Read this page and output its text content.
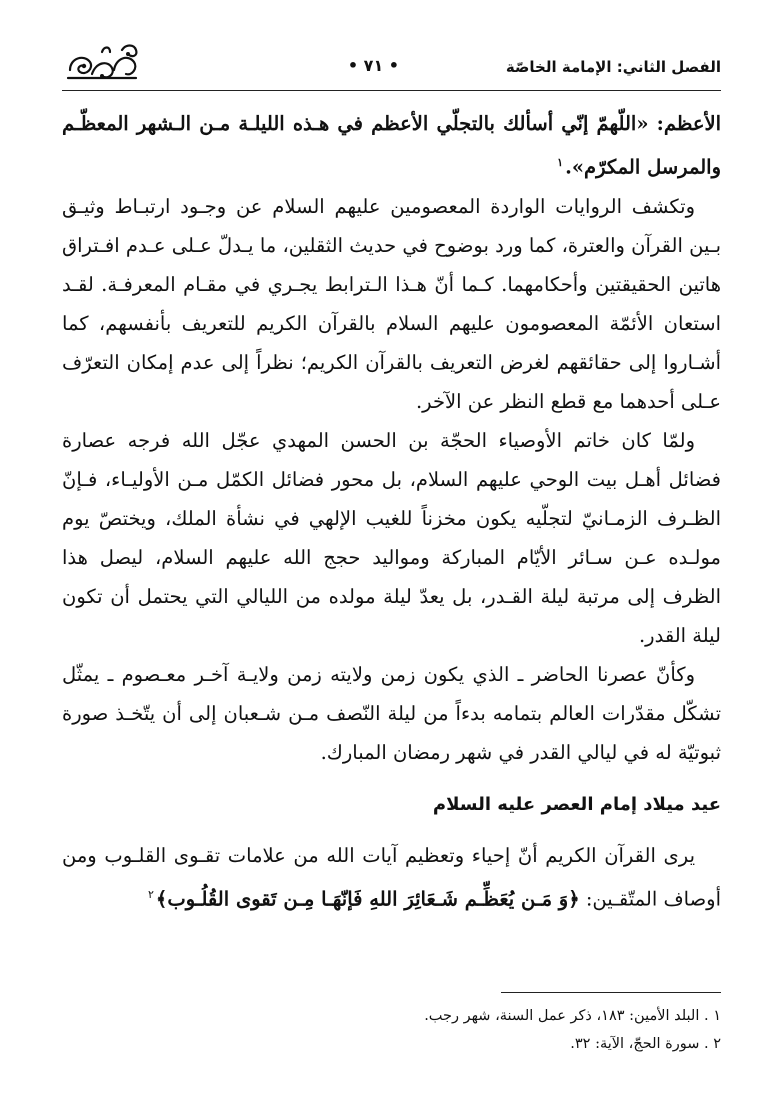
الفصل الثاني: الإمامة الخاصّة
• ٧١ •

الأعظم: «اللّهمّ إنّي أسألك بالتجلّي الأعظم في هـذه الليلـة مـن الـشهر المعظّـم والمرسل المكرّم».$^١$

وتكشف الروايات الواردة المعصومين عليهم السلام عن وجـود ارتبـاط وثيـق بـين القرآن والعترة، كما ورد بوضوح في حديث الثقلين، ما يـدلّ عـلى عـدم افـتراق هاتين الحقيقتين وأحكامهما. كـما أنّ هـذا الـترابط يجـري في مقـام المعرفـة. لقـد استعان الأئمّة المعصومون عليهم السلام بالقرآن الكريم للتعريف بأنفسهم، كما أشـاروا إلى حقائقهم لغرض التعريف بالقرآن الكريم؛ نظراً إلى عدم إمكان التعرّف عـلى أحدهما مع قطع النظر عن الآخر.

ولمّا كان خاتم الأوصياء الحجّة بن الحسن المهدي عجّل الله فرجه عصارة فضائل أهـل بيت الوحي عليهم السلام، بل محور فضائل الكمّل مـن الأوليـاء، فـإنّ الظـرف الزمـانيّ لتجلّيه يكون مخزناً للغيب الإلهي في نشأة الملك، ويختصّ يوم مولـده عـن سـائر الأيّام المباركة ومواليد حجج الله عليهم السلام، ليصل هذا الظرف إلى مرتبة ليلة القـدر، بل يعدّ ليلة مولده من الليالي التي يحتمل أن تكون ليلة القدر.

وكأنّ عصرنا الحاضر ـ الذي يكون زمن ولايته زمن ولايـة آخـر معـصوم ـ يمثّل تشكّل مقدّرات العالم بتمامه بدءاً من ليلة النّصف مـن شـعبان إلى أن يتّخـذ صورة ثبوتيّة له في ليالي القدر في شهر رمضان المبارك.

عيد ميلاد إمام العصر عليه السلام

يرى القرآن الكريم أنّ إحياء وتعظيم آيات الله من علامات تقـوى القلـوب ومن أوصاف المتّقـين: ﴿وَ مَـن يُعَظِّـم شَـعَائِرَ اللهِ فَإنّهَـا مِـن تَقوى القُلُـوب﴾$^٢$

١ . البلد الأمين: ١٨٣، ذكر عمل السنة، شهر رجب.

٢ . سورة الحجّ، الآية: ٣٢.
